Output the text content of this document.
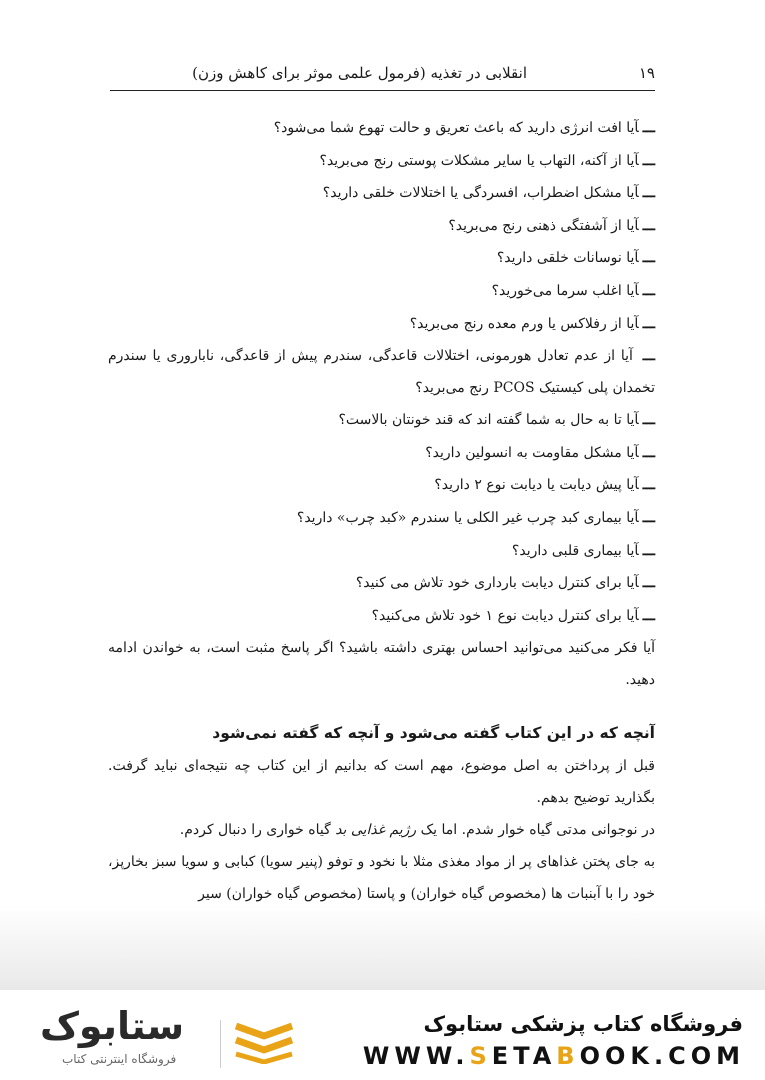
۱۹
انقلابی در تغذیه (فرمول علمی موثر برای کاهش وزن)
ـــآیا افت انرژی دارید که باعث تعریق و حالت تهوع شما می‌شود؟
ـــآیا از آکنه، التهاب یا سایر مشکلات پوستی رنج می‌برید؟
ـــآیا مشکل اضطراب، افسردگی یا اختلالات خلقی دارید؟
ـــآیا از آشفتگی ذهنی رنج می‌برید؟
ـــآیا نوسانات خلقی دارید؟
ـــآیا اغلب سرما می‌خورید؟
ـــآیا از رفلاکس یا ورم معده رنج می‌برید؟
ـــ آیا از عدم تعادل هورمونی، اختلالات قاعدگی، سندرم پیش از قاعدگی، ناباروری یا سندرم تخمدان پلی کیستیک PCOS رنج می‌برید؟
ـــآیا تا به حال به شما گفته اند که قند خونتان بالاست؟
ـــآیا مشکل مقاومت به انسولین دارید؟
ـــآیا پیش دیابت یا دیابت نوع ۲ دارید؟
ـــآیا بیماری کبد چرب غیر الکلی یا سندرم «کبد چرب» دارید؟
ـــآیا بیماری قلبی دارید؟
ـــآیا برای کنترل دیابت بارداری خود تلاش می کنید؟
ـــآیا برای کنترل دیابت نوع ۱ خود تلاش می‌کنید؟
آیا فکر می‌کنید می‌توانید احساس بهتری داشته باشید؟ اگر پاسخ مثبت است، به خواندن ادامه دهید.
آنچه که در این کتاب گفته می‌شود و آنچه که گفته نمی‌شود
قبل از پرداختن به اصل موضوع، مهم است که بدانیم از این کتاب چه نتیجه‌ای نباید گرفت. بگذارید توضیح بدهم.
در نوجوانی مدتی گیاه خوار شدم. اما یک رژیم غذایی بد گیاه خواری را دنبال کردم.
به جای پختن غذاهای پر از مواد مغذی مثلا با نخود و توفو (پنیر سویا) کبابی و سویا سبز بخارپز، خود را با آبنبات ها (مخصوص گیاه خواران) و پاستا (مخصوص گیاه خواران) سیر
ستابوک
فروشگاه اینترنتی کتاب
فروشگاه کتاب پزشکی ستابوک
WWW.SETABOOK.COM
